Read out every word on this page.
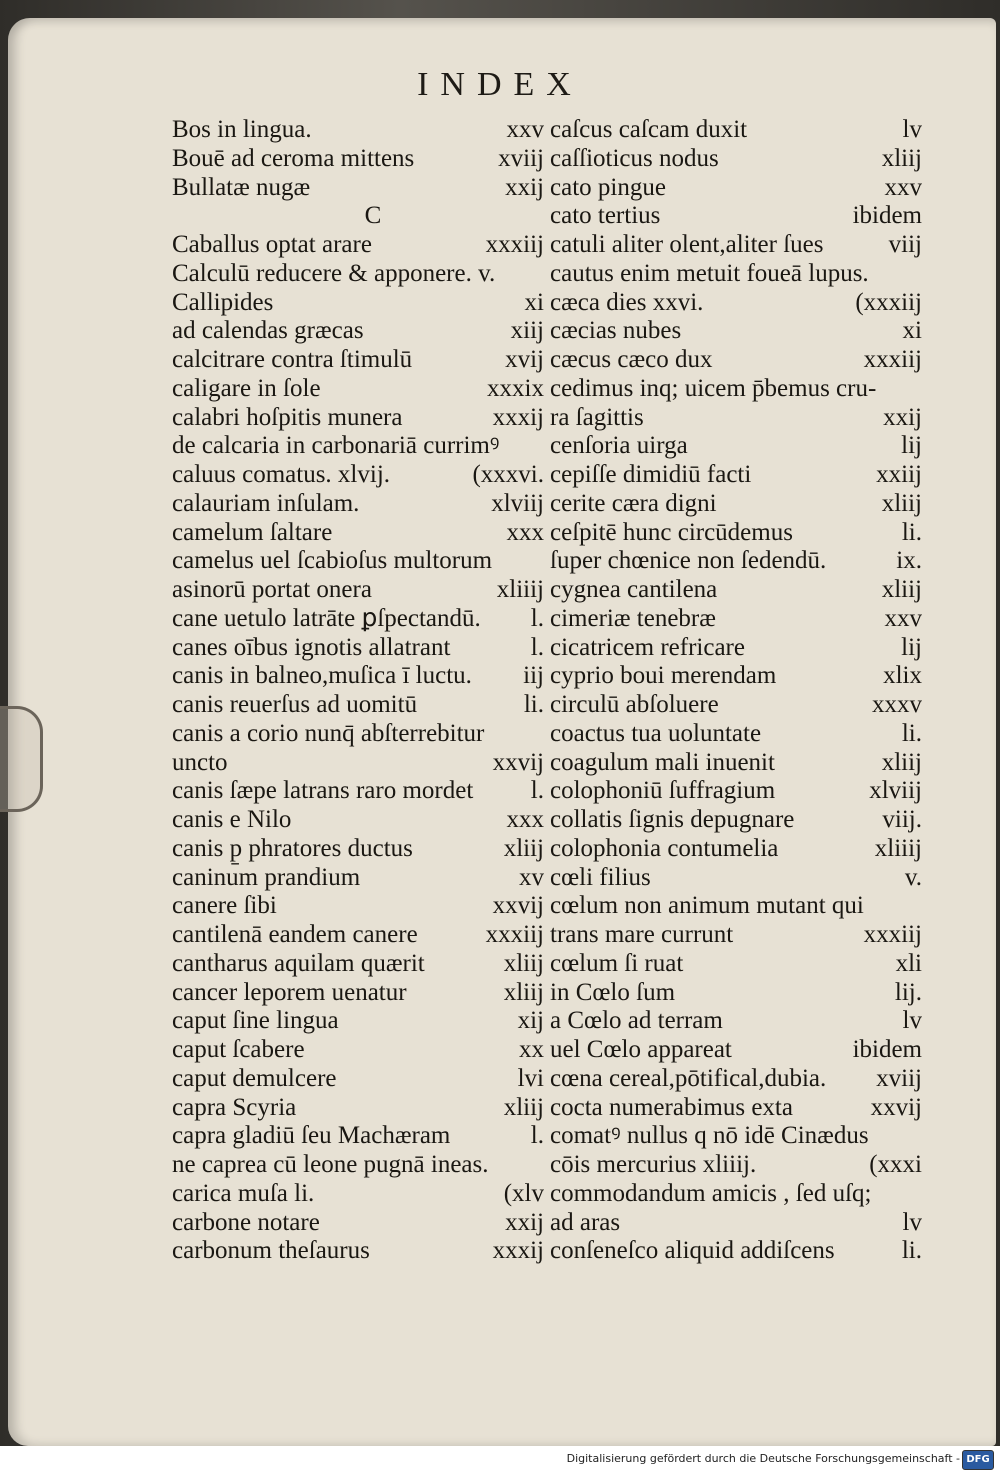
INDEX
Bos in lingua.	xxv
Bouē ad ceroma mittens	xviij
Bullatæ nugæ	xxij
C
Caballus optat arare	xxxiij
Calculū reducere & apponere. v.
Callipides	xi
ad calendas græcas	xiij
calcitrare contra ſtimulū	xvij
caligare in ſole	xxxix
calabri hoſpitis munera	xxxij
de calcaria in carbonariā currimꝰ
caluus comatus. xlvij.	(xxxvi.
calauriam inſulam.	xlviij
camelum ſaltare	xxx
camelus uel ſcabioſus multorum
asinorū portat onera	xliiij
cane uetulo latrāte ꝑſpectandū. l.
canes oībus ignotis allatrant	l.
canis in balneo,muſica ī luctu. iij
canis reuerſus ad uomitū	li.
canis a corio nunq̄ abſterrebitur
uncto	xxvij
canis ſæpe latrans raro mordet l.
canis e Nilo	xxx
canis p̱ phratores ductus	xliij
caninum prandium	xv
canere ſibi	xxvij
cantilenā eandem canere	xxxiij
cantharus aquilam quærit	xliij
cancer leporem uenatur	xliij
caput ſine lingua	xij
caput ſcabere	xx
caput demulcere	lvi
capra Scyria	xliij
capra gladiū ſeu Machæram	l.
ne caprea cū leone pugnā ineas.
carica muſa li.	(xlv
carbone notare	xxij
carbonum theſaurus	xxxij
caſcus caſcam duxit	lv
caſſioticus nodus	xliij
cato pingue	xxv
cato tertius	ibidem
catuli aliter olent,aliter ſues	viij
cautus enim metuit foueā lupus.
cæca dies xxvi.	(xxxiij
cæcias nubes	xi
cæcus cæco dux	xxxiij
cedimus inq; uicem p̄bemus cru-
ra ſagittis	xxij
cenſoria uirga	lij
cepiſſe dimidiū facti	xxiij
cerite cæra digni	xliij
ceſpitē hunc circūdemus	li.
ſuper chœnice non ſedendū.	ix.
cygnea cantilena	xliij
cimeriæ tenebræ	xxv
cicatricem refricare	lij
cyprio boui merendam	xlix
circulū abſoluere	xxxv
coactus tua uoluntate	li.
coagulum mali inuenit	xliij
colophoniū ſuffragium	xlviij
collatis ſignis depugnare	viij.
colophonia contumelia	xliiij
cœli filius	v.
cœlum non animum mutant qui
trans mare currunt	xxxiij
cœlum ſi ruat	xli
in Cœlo ſum	lij.
a Cœlo ad terram	lv
uel Cœlo appareat	ibidem
cœna cereal,pōtifical,dubia. xviij
cocta numerabimus exta	xxvij
comatꝰ nullus q nō idē Cinædus
cōis mercurius xliiij.	(xxxi
commodandum amicis , ſed uſq;
ad aras	lv
conſeneſco aliquid addiſcens	li.
Digitalisierung gefördert durch die Deutsche Forschungsgemeinschaft - DFG
